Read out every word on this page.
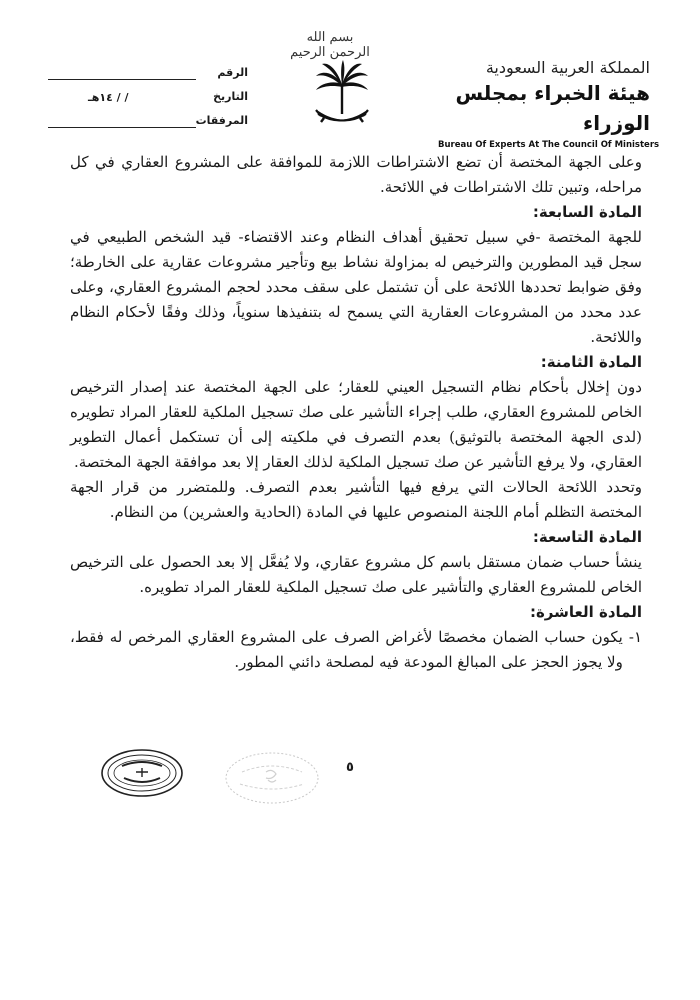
بسم الله الرحمن الرحيم
المملكة العربية السعودية
هيئة الخبراء بمجلس الوزراء
Bureau Of Experts At The Council Of Ministers
الرقم
التاريخ
/ / ١٤هـ
المرفقات

وعلى الجهة المختصة أن تضع الاشتراطات اللازمة للموافقة على المشروع العقاري في كل مراحله، وتبين تلك الاشتراطات في اللائحة.

المادة السابعة:

للجهة المختصة -في سبيل تحقيق أهداف النظام وعند الاقتضاء- قيد الشخص الطبيعي في سجل قيد المطورين والترخيص له بمزاولة نشاط بيع وتأجير مشروعات عقارية على الخارطة؛ وفق ضوابط تحددها اللائحة على أن تشتمل على سقف محدد لحجم المشروع العقاري، وعلى عدد محدد من المشروعات العقارية التي يسمح له بتنفيذها سنوياً، وذلك وفقًا لأحكام النظام واللائحة.

المادة الثامنة:

دون إخلال بأحكام نظام التسجيل العيني للعقار؛ على الجهة المختصة عند إصدار الترخيص الخاص للمشروع العقاري، طلب إجراء التأشير على صك تسجيل الملكية للعقار المراد تطويره (لدى الجهة المختصة بالتوثيق) بعدم التصرف في ملكيته إلى أن تستكمل أعمال التطوير العقاري، ولا يرفع التأشير عن صك تسجيل الملكية لذلك العقار إلا بعد موافقة الجهة المختصة.

وتحدد اللائحة الحالات التي يرفع فيها التأشير بعدم التصرف. وللمتضرر من قرار الجهة المختصة التظلم أمام اللجنة المنصوص عليها في المادة (الحادية والعشرين) من النظام.

المادة التاسعة:

ينشأ حساب ضمان مستقل باسم كل مشروع عقاري، ولا يُفعَّل إلا بعد الحصول على الترخيص الخاص للمشروع العقاري والتأشير على صك تسجيل الملكية للعقار المراد تطويره.

المادة العاشرة:

١-
يكون حساب الضمان مخصصًا لأغراض الصرف على المشروع العقاري المرخص له فقط، ولا يجوز الحجز على المبالغ المودعة فيه لمصلحة دائني المطور.
٥
